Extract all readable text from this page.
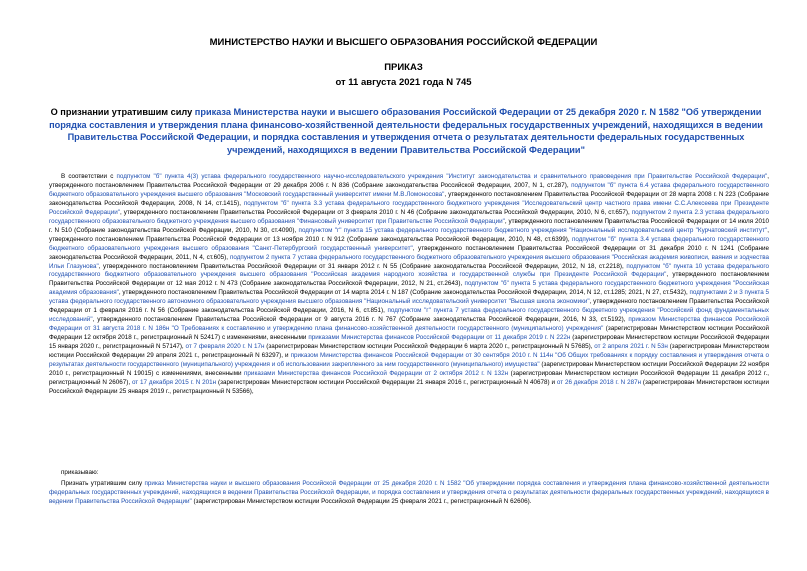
МИНИСТЕРСТВО НАУКИ И ВЫСШЕГО ОБРАЗОВАНИЯ РОССИЙСКОЙ ФЕДЕРАЦИИ
ПРИКАЗ
от 11 августа 2021 года N 745
О признании утратившим силу приказа Министерства науки и высшего образования Российской Федерации от 25 декабря 2020 г. N 1582 "Об утверждении порядка составления и утверждения плана финансово-хозяйственной деятельности федеральных государственных учреждений, находящихся в ведении Правительства Российской Федерации, и порядка составления и утверждения отчета о результатах деятельности федеральных государственных учреждений, находящихся в ведении Правительства Российской Федерации"

В соответствии с подпунктом "б" пункта 4(3) устава федерального государственного научно-исследовательского учреждения "Институт законодательства и сравнительного правоведения при Правительстве Российской Федерации", утвержденного постановлением Правительства Российской Федерации от 29 декабря 2006 г. N 836 (Собрание законодательства Российской Федерации, 2007, N 1, ст.287), подпунктом "б" пункта 6.4 устава федерального государственного бюджетного образовательного учреждения высшего образования "Московский государственный университет имени М.В.Ломоносова", утвержденного постановлением Правительства Российской Федерации от 28 марта 2008 г. N 223 (Собрание законодательства Российской Федерации, 2008, N 14, ст.1415), подпунктом "б" пункта 3.3 устава федерального государственного бюджетного учреждения "Исследовательский центр частного права имени С.С.Алексеева при Президенте Российской Федерации", утвержденного постановлением Правительства Российской Федерации от 3 февраля 2010 г. N 46 (Собрание законодательства Российской Федерации, 2010, N 6, ст.657), подпунктом 2 пункта 2.3 устава федерального государственного образовательного бюджетного учреждения высшего образования "Финансовый университет при Правительстве Российской Федерации", утвержденного постановлением Правительства Российской Федерации от 14 июля 2010 г. N 510 (Собрание законодательства Российской Федерации, 2010, N 30, ст.4090), подпунктом "г" пункта 15 устава федерального государственного бюджетного учреждения "Национальный исследовательский центр "Курчатовский институт", утвержденного постановлением Правительства Российской Федерации от 13 ноября 2010 г. N 912 (Собрание законодательства Российской Федерации, 2010, N 48, ст.6399), подпунктом "б" пункта 3.4 устава федерального государственного бюджетного образовательного учреждения высшего образования "Санкт-Петербургский государственный университет", утвержденного постановлением Правительства Российской Федерации от 31 декабря 2010 г. N 1241 (Собрание законодательства Российской Федерации, 2011, N 4, ст.605), подпунктом 2 пункта 7 устава федерального государственного бюджетного образовательного учреждения высшего образования "Российская академия живописи, ваяния и зодчества Ильи Глазунова", утвержденного постановлением Правительства Российской Федерации от 31 января 2012 г. N 55 (Собрание законодательства Российской Федерации, 2012, N 18, ст.2218), подпунктом "б" пункта 10 устава федерального государственного бюджетного образовательного учреждения высшего образования "Российская академия народного хозяйства и государственной службы при Президенте Российской Федерации", утвержденного постановлением Правительства Российской Федерации от 12 мая 2012 г. N 473 (Собрание законодательства Российской Федерации, 2012, N 21, ст.2643), подпунктом "б" пункта 5 устава федерального государственного бюджетного учреждения "Российская академия образования", утвержденного постановлением Правительства Российской Федерации от 14 марта 2014 г. N 187 (Собрание законодательства Российской Федерации, 2014, N 12, ст.1285; 2021, N 27, ст.5432), подпунктами 2 и 3 пункта 5 устава федерального государственного автономного образовательного учреждения высшего образования "Национальный исследовательский университет "Высшая школа экономики", утвержденного постановлением Правительства Российской Федерации от 1 февраля 2016 г. N 56 (Собрание законодательства Российской Федерации, 2016, N 6, ст.851), подпунктом "г" пункта 7 устава федерального государственного бюджетного учреждения "Российский фонд фундаментальных исследований", утвержденного постановлением Правительства Российской Федерации от 9 августа 2016 г. N 767 (Собрание законодательства Российской Федерации, 2016, N 33, ст.5192), приказом Министерства финансов Российской Федерации от 31 августа 2018 г. N 186н "О Требованиях к составлению и утверждению плана финансово-хозяйственной деятельности государственного (муниципального) учреждения" (зарегистрирован Министерством юстиции Российской Федерации 12 октября 2018 г., регистрационный N 52417) с изменениями, внесенными приказами Министерства финансов Российской Федерации от 11 декабря 2019 г. N 222н (зарегистрирован Министерством юстиции Российской Федерации 15 января 2020 г., регистрационный N 57147), от 7 февраля 2020 г. N 17н (зарегистрирован Министерством юстиции Российской Федерации 6 марта 2020 г., регистрационный N 57685), от 2 апреля 2021 г. N 53н (зарегистрирован Министерством юстиции Российской Федерации 29 апреля 2021 г., регистрационный N 63297), и приказом Министерства финансов Российской Федерации от 30 сентября 2010 г. N 114н "Об Общих требованиях к порядку составления и утверждения отчета о результатах деятельности государственного (муниципального) учреждения и об использовании закрепленного за ним государственного (муниципального) имущества" (зарегистрирован Министерством юстиции Российской Федерации 22 ноября 2010 г., регистрационный N 19015) с изменениями, внесенными приказами Министерства финансов Российской Федерации от 2 октября 2012 г. N 132н (зарегистрирован Министерством юстиции Российской Федерации 11 декабря 2012 г., регистрационный N 26067), от 17 декабря 2015 г. N 201н (зарегистрирован Министерством юстиции Российской Федерации 21 января 2016 г., регистрационный N 40678) и от 26 декабря 2018 г. N 287н (зарегистрирован Министерством юстиции Российской Федерации 25 января 2019 г., регистрационный N 53566),

приказываю:

Признать утратившим силу приказ Министерства науки и высшего образования Российской Федерации от 25 декабря 2020 г. N 1582 "Об утверждении порядка составления и утверждения плана финансово-хозяйственной деятельности федеральных государственных учреждений, находящихся в ведении Правительства Российской Федерации, и порядка составления и утверждения отчета о результатах деятельности федеральных государственных учреждений, находящихся в ведении Правительства Российской Федерации" (зарегистрирован Министерством юстиции Российской Федерации 25 февраля 2021 г., регистрационный N 62606).
